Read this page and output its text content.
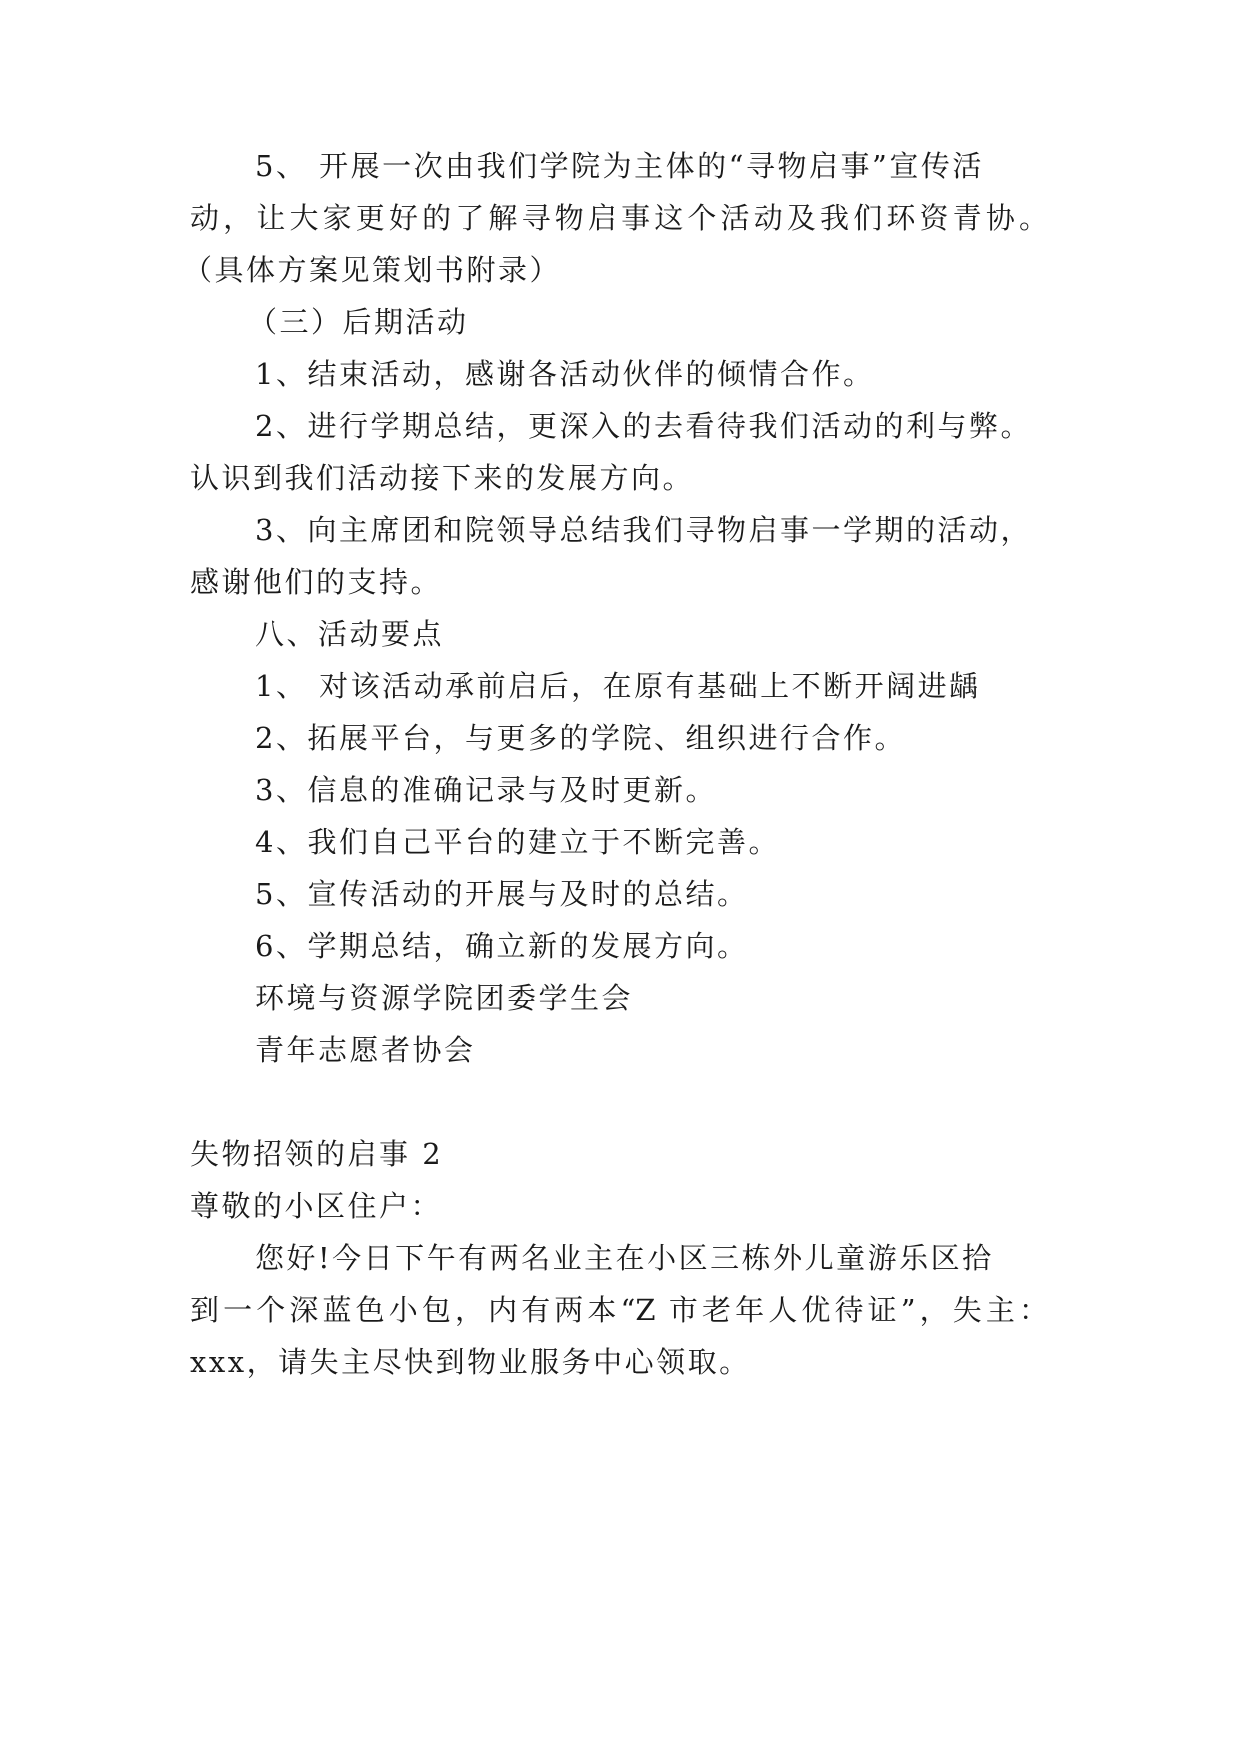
5、 开展一次由我们学院为主体的“寻物启事”宣传活
动，让大家更好的了解寻物启事这个活动及我们环资青协。
（具体方案见策划书附录）
（三）后期活动
1、结束活动，感谢各活动伙伴的倾情合作。
2、进行学期总结，更深入的去看待我们活动的利与弊。
认识到我们活动接下来的发展方向。
3、向主席团和院领导总结我们寻物启事一学期的活动，
感谢他们的支持。
八、活动要点
1、 对该活动承前启后，在原有基础上不断开阔进龋
2、拓展平台，与更多的学院、组织进行合作。
3、信息的准确记录与及时更新。
4、我们自己平台的建立于不断完善。
5、宣传活动的开展与及时的总结。
6、学期总结，确立新的发展方向。
环境与资源学院团委学生会
青年志愿者协会
失物招领的启事 2
尊敬的小区住户：
您好!今日下午有两名业主在小区三栋外儿童游乐区拾
到一个深蓝色小包，内有两本“Z 市老年人优待证”，失主：
xxx，请失主尽快到物业服务中心领取。
